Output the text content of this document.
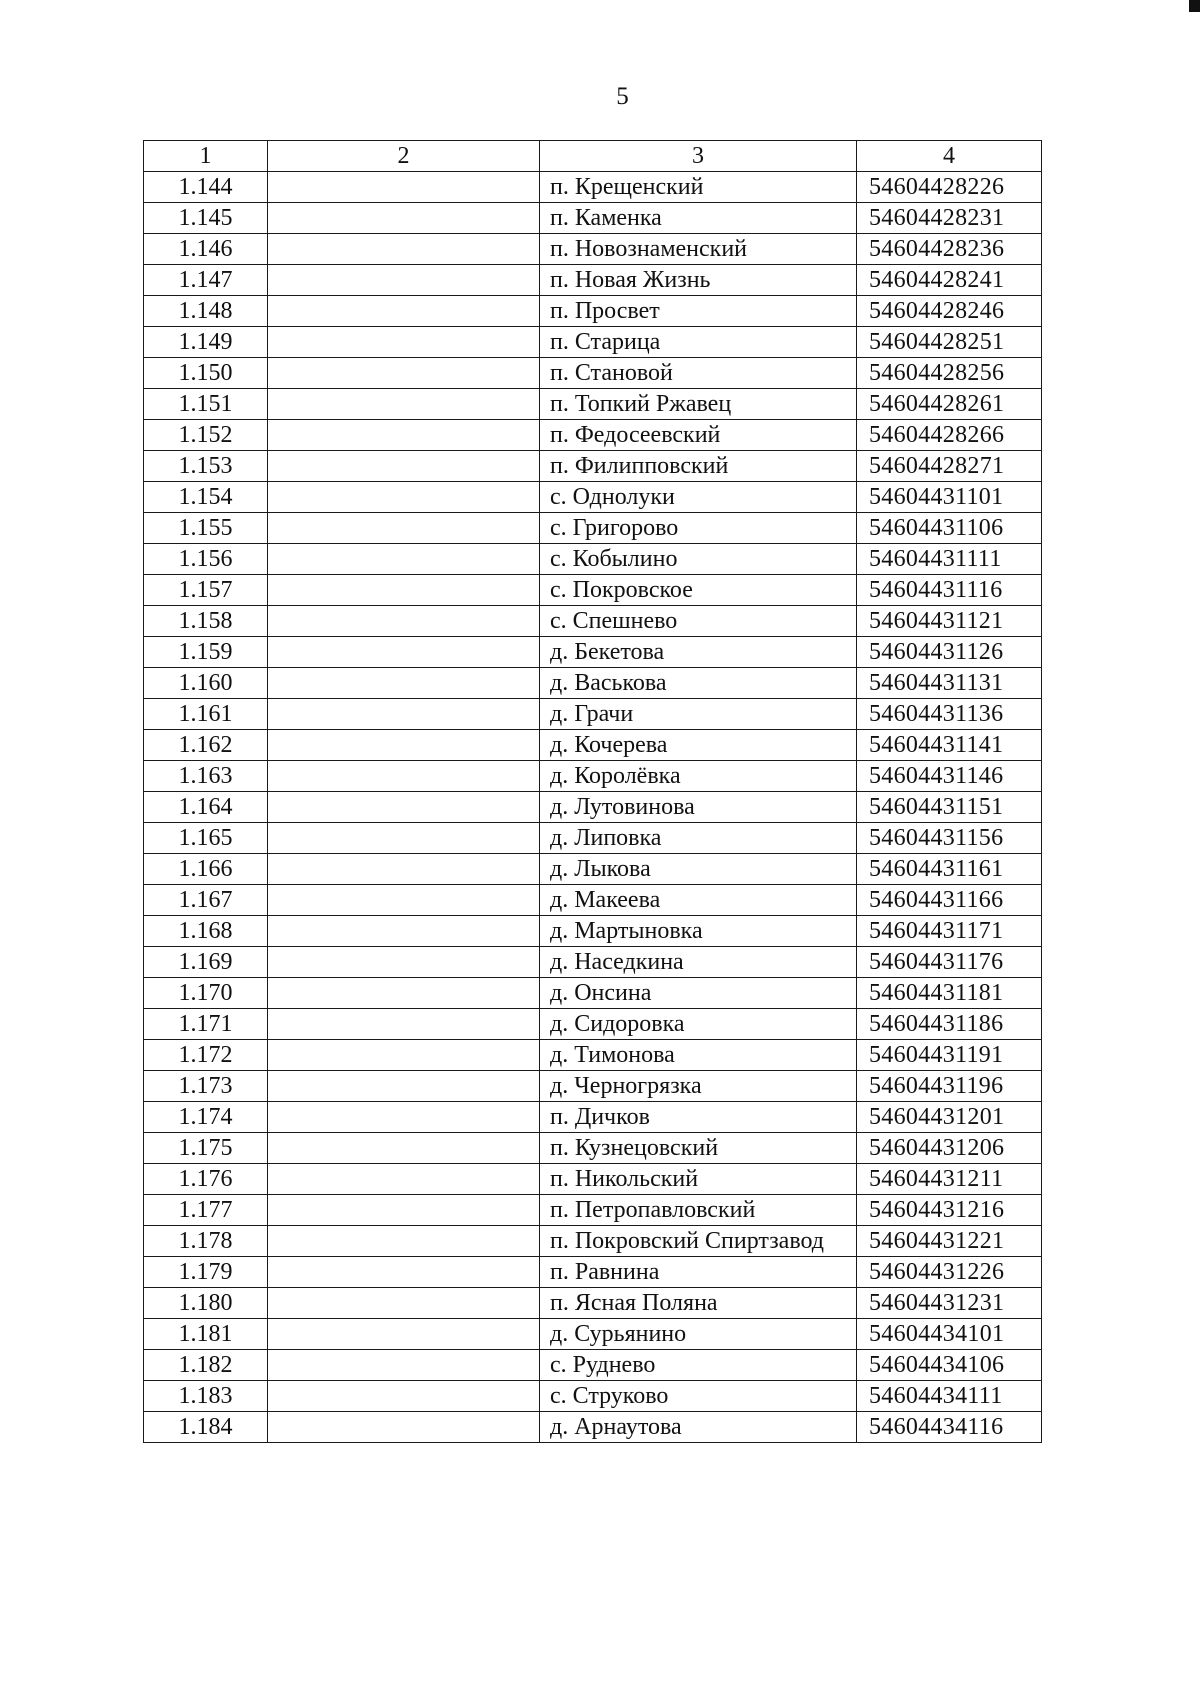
5
1	2	3	4
1.144		п. Крещенский	54604428226
1.145		п. Каменка	54604428231
1.146		п. Новознаменский	54604428236
1.147		п. Новая Жизнь	54604428241
1.148		п. Просвет	54604428246
1.149		п. Старица	54604428251
1.150		п. Становой	54604428256
1.151		п. Топкий Ржавец	54604428261
1.152		п. Федосеевский	54604428266
1.153		п. Филипповский	54604428271
1.154		с. Однолуки	54604431101
1.155		с. Григорово	54604431106
1.156		с. Кобылино	54604431111
1.157		с. Покровское	54604431116
1.158		с. Спешнево	54604431121
1.159		д. Бекетова	54604431126
1.160		д. Васькова	54604431131
1.161		д. Грачи	54604431136
1.162		д. Кочерева	54604431141
1.163		д. Королёвка	54604431146
1.164		д. Лутовинова	54604431151
1.165		д. Липовка	54604431156
1.166		д. Лыкова	54604431161
1.167		д. Макеева	54604431166
1.168		д. Мартыновка	54604431171
1.169		д. Наседкина	54604431176
1.170		д. Онсина	54604431181
1.171		д. Сидоровка	54604431186
1.172		д. Тимонова	54604431191
1.173		д. Черногрязка	54604431196
1.174		п. Дичков	54604431201
1.175		п. Кузнецовский	54604431206
1.176		п. Никольский	54604431211
1.177		п. Петропавловский	54604431216
1.178		п. Покровский Спиртзавод	54604431221
1.179		п. Равнина	54604431226
1.180		п. Ясная Поляна	54604431231
1.181		д. Сурьянино	54604434101
1.182		с. Руднево	54604434106
1.183		с. Струково	54604434111
1.184		д. Арнаутова	54604434116
